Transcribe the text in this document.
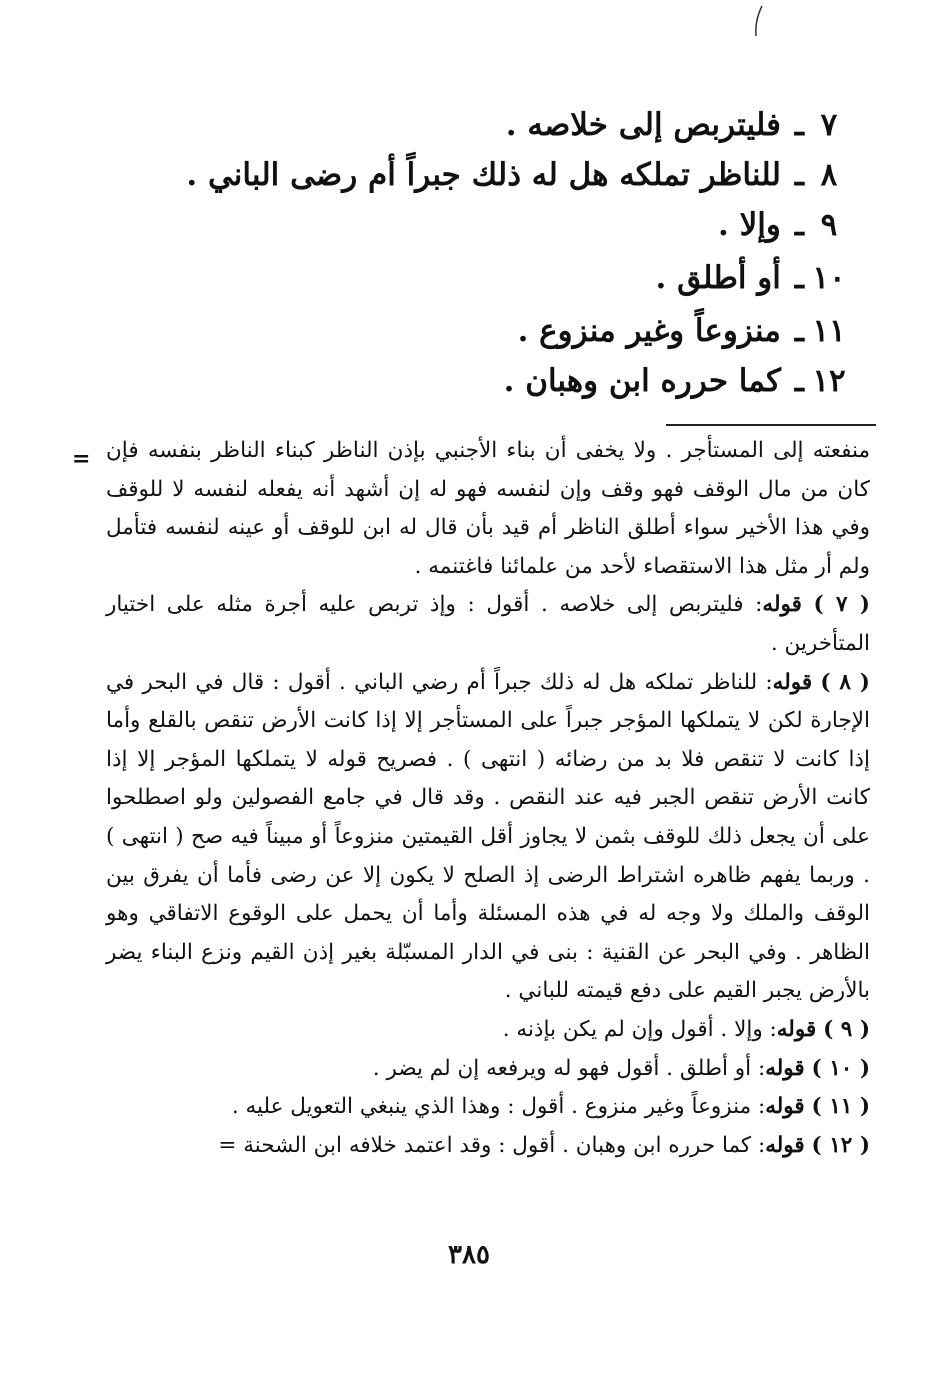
٧ـفليتربص إلى خلاصه .
٨ـللناظر تملكه هل له ذلك جبراً أم رضى الباني .
٩ـوإلا .
١٠ـأو أطلق .
١١ـمنزوعاً وغير منزوع .
١٢ـكما حرره ابن وهبان .
= منفعته إلى المستأجر . ولا يخفى أن بناء الأجنبي بإذن الناظر كبناء الناظر بنفسه فإن كان من مال الوقف فهو وقف وإن لنفسه فهو له إن أشهد أنه يفعله لنفسه لا للوقف وفي هذا الأخير سواء أطلق الناظر أم قيد بأن قال له ابن للوقف أو عينه لنفسه فتأمل ولم أر مثل هذا الاستقصاء لأحد من علمائنا فاغتنمه .

( ٧ ) قوله: فليتربص إلى خلاصه . أقول : وإذ تربص عليه أجرة مثله على اختيار المتأخرين .

( ٨ ) قوله: للناظر تملكه هل له ذلك جبراً أم رضي الباني . أقول : قال في البحر في الإجارة لكن لا يتملكها المؤجر جبراً على المستأجر إلا إذا كانت الأرض تنقص بالقلع وأما إذا كانت لا تنقص فلا بد من رضائه ( انتهى ) . فصريح قوله لا يتملكها المؤجر إلا إذا كانت الأرض تنقص الجبر فيه عند النقص . وقد قال في جامع الفصولين ولو اصطلحوا على أن يجعل ذلك للوقف بثمن لا يجاوز أقل القيمتين منزوعاً أو مبيناً فيه صح ( انتهى ) . وربما يفهم ظاهره اشتراط الرضى إذ الصلح لا يكون إلا عن رضى فأما أن يفرق بين الوقف والملك ولا وجه له في هذه المسئلة وأما أن يحمل على الوقوع الاتفاقي وهو الظاهر . وفي البحر عن القنية : بنى في الدار المسبّلة بغير إذن القيم ونزع البناء يضر بالأرض يجبر القيم على دفع قيمته للباني .

( ٩ ) قوله: وإلا . أقول وإن لم يكن بإذنه .

( ١٠ ) قوله: أو أطلق . أقول فهو له ويرفعه إن لم يضر .

( ١١ ) قوله: منزوعاً وغير منزوع . أقول : وهذا الذي ينبغي التعويل عليه .

( ١٢ ) قوله: كما حرره ابن وهبان . أقول : وقد اعتمد خلافه ابن الشحنة =

٣٨٥
